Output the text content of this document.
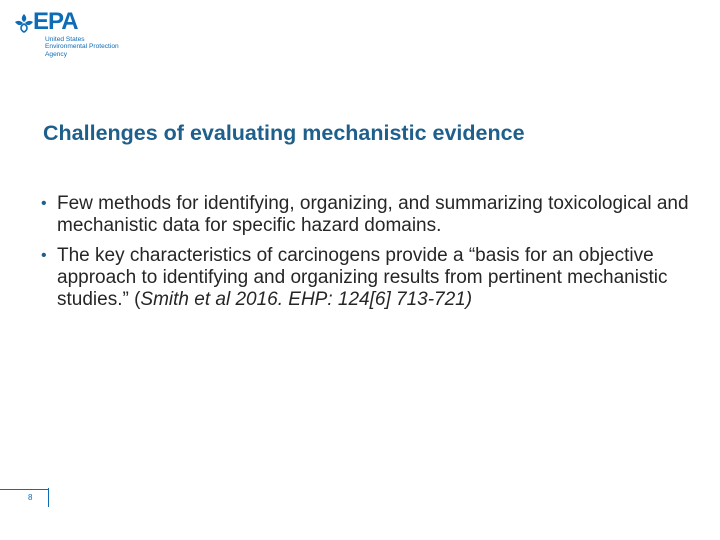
EPA
United States
Environmental Protection
Agency
Challenges of evaluating mechanistic evidence
• Few methods for identifying, organizing, and summarizing toxicological and mechanistic data for specific hazard domains.
• The key characteristics of carcinogens provide a “basis for an objective approach to identifying and organizing results from pertinent mechanistic studies.” (Smith et al 2016. EHP: 124[6] 713-721)
8
